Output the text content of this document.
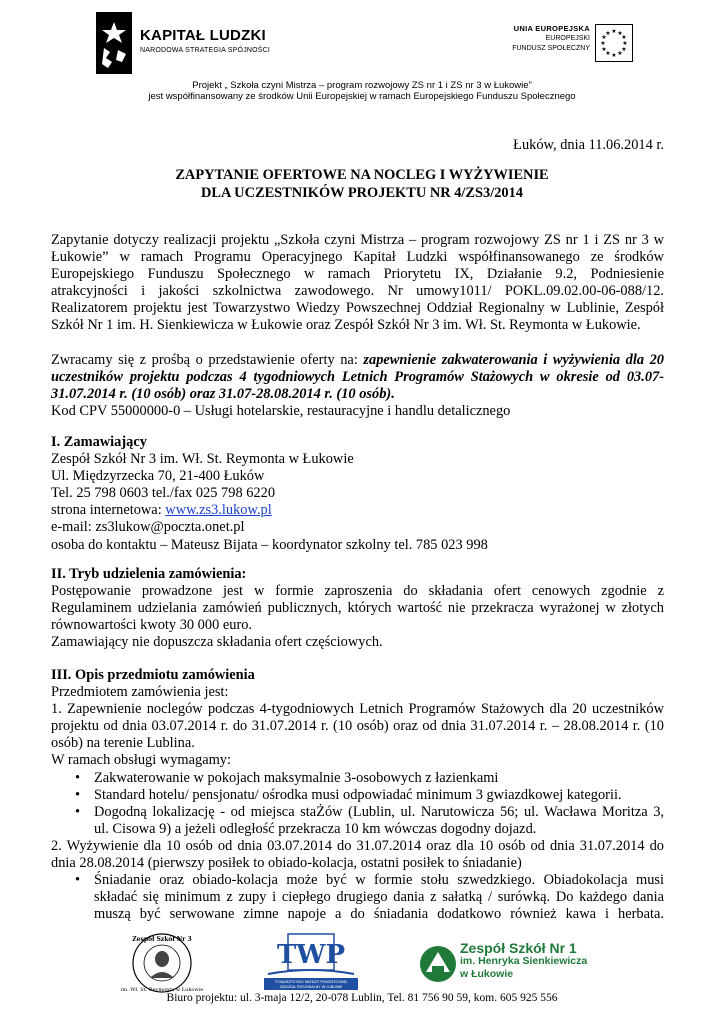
KAPITAŁ LUDZKI
NARODOWA STRATEGIA SPÓJNOŚCI
UNIA EUROPEJSKA
EUROPEJSKI
FUNDUSZ SPOŁECZNY
★ ★
★
★
★
★
★
★
★
★
★
★
Projekt „ Szkoła czyni Mistrza – program rozwojowy ZS nr 1 i ZS nr 3 w Łukowie”
jest współfinansowany ze środków Unii Europejskiej w ramach Europejskiego Funduszu Społecznego
Łuków, dnia 11.06.2014 r.
ZAPYTANIE OFERTOWE NA NOCLEG I WYŻYWIENIE
DLA UCZESTNIKÓW PROJEKTU NR 4/ZS3/2014
Zapytanie dotyczy realizacji projektu „Szkoła czyni Mistrza – program rozwojowy ZS nr 1 i ZS nr 3 w
Łukowie” w ramach Programu Operacyjnego Kapitał Ludzki współfinansowanego ze środków
Europejskiego Funduszu Społecznego w ramach Priorytetu IX, Działanie 9.2, Podniesienie
atrakcyjności i jakości szkolnictwa zawodowego. Nr umowy1011/ POKL.09.02.00-06-088/12.
Realizatorem projektu jest Towarzystwo Wiedzy Powszechnej Oddział Regionalny w Lublinie, Zespół
Szkół Nr 1 im. H. Sienkiewicza w Łukowie oraz Zespół Szkół Nr 3 im. Wł. St. Reymonta w Łukowie.
Zwracamy się z prośbą o przedstawienie oferty na: zapewnienie zakwaterowania i wyżywienia dla 20
uczestników projektu podczas 4 tygodniowych Letnich Programów Stażowych w okresie od 03.07-
31.07.2014 r. (10 osób) oraz 31.07-28.08.2014 r. (10 osób).
Kod CPV 55000000-0 – Usługi hotelarskie, restauracyjne i handlu detalicznego
I. Zamawiający
Zespół Szkół Nr 3 im. Wł. St. Reymonta w Łukowie
Ul. Międzyrzecka 70, 21-400 Łuków
Tel. 25 798 0603 tel./fax 025 798 6220
strona internetowa: www.zs3.lukow.pl
e-mail: zs3lukow@poczta.onet.pl
osoba do kontaktu – Mateusz Bijata – koordynator szkolny tel. 785 023 998
II. Tryb udzielenia zamówienia:
Postępowanie prowadzone jest w formie zaproszenia do składania ofert cenowych zgodnie z
Regulaminem udzielania zamówień publicznych, których wartość nie przekracza wyrażonej w złotych
równowartości kwoty 30 000 euro.
Zamawiający nie dopuszcza składania ofert częściowych.
III. Opis przedmiotu zamówienia
Przedmiotem zamówienia jest:
1. Zapewnienie noclegów podczas 4-tygodniowych Letnich Programów Stażowych dla 20 uczestników
projektu od dnia 03.07.2014 r. do 31.07.2014 r. (10 osób) oraz od dnia 31.07.2014 r. – 28.08.2014 r. (10
osób) na terenie Lublina.
W ramach obsługi wymagamy:
• Zakwaterowanie w pokojach maksymalnie 3-osobowych z łazienkami
• Standard hotelu/ pensjonatu/ ośrodka musi odpowiadać minimum 3 gwiazdkowej kategorii.
• Dogodną lokalizację - od miejsca staŻów (Lublin, ul. Narutowicza 56; ul. Wacława Moritza 3,
ul. Cisowa 9) a jeżeli odległość przekracza 10 km wówczas dogodny dojazd.
2. Wyżywienie dla 10 osób od dnia 03.07.2014 do 31.07.2014 oraz dla 10 osób od dnia 31.07.2014 do
dnia 28.08.2014 (pierwszy posiłek to obiado-kolacja, ostatni posiłek to śniadanie)
• Śniadanie oraz obiado-kolacja może być w formie stołu szwedzkiego. Obiadokolacja musi
składać się minimum z zupy i ciepłego drugiego dania z sałatką / surówką. Do każdego dania
muszą być serwowane zimne napoje a do śniadania dodatkowo również kawa i herbata.
Zespół Szkół Nr 3
im. Wł. St. Reymonta w Łukowie
TWP
TOWARZYSTWO WIEDZY POWSZECHNEJ
ODDZIAŁ REGIONALNY W LUBLINIE
Zespół Szkół Nr 1
im. Henryka Sienkiewicza
w Łukowie
Biuro projektu: ul. 3-maja 12/2, 20-078 Lublin, Tel. 81 756 90 59, kom. 605 925 556
